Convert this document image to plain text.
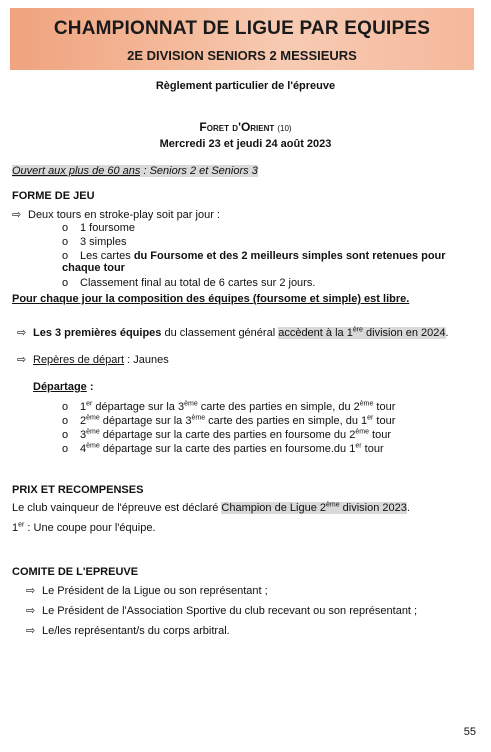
CHAMPIONNAT DE LIGUE PAR EQUIPES
2E DIVISION SENIORS 2 MESSIEURS
Règlement particulier de l'épreuve
Foret d'Orient (10)
Mercredi 23 et jeudi 24 août 2023
Ouvert aux plus de 60 ans : Seniors 2 et Seniors 3
FORME DE JEU
⇨ Deux tours en stroke-play soit par jour :
o 1 foursome
o 3 simples
o Les cartes du Foursome et des 2 meilleurs simples sont retenues pour chaque tour
o Classement final au total de 6 cartes sur 2 jours.
Pour chaque jour la composition des équipes (foursome et simple) est libre.
⇨ Les 3 premières équipes du classement général accèdent à la 1ère division en 2024.
⇨ Repères de départ : Jaunes
Départage :
o 1er départage sur la 3ème carte des parties en simple, du 2ème tour
o 2ème départage sur la 3ème carte des parties en simple, du 1er tour
o 3ème départage sur la carte des parties en foursome du 2ème tour
o 4ème départage sur la carte des parties en foursome.du 1er tour
PRIX ET RECOMPENSES
Le club vainqueur de l'épreuve est déclaré Champion de Ligue 2ème division 2023.
1er : Une coupe pour l'équipe.
COMITE DE L'EPREUVE
⇨ Le Président de la Ligue ou son représentant ;
⇨ Le Président de l'Association Sportive du club recevant ou son représentant ;
⇨ Le/les représentant/s du corps arbitral.
55
